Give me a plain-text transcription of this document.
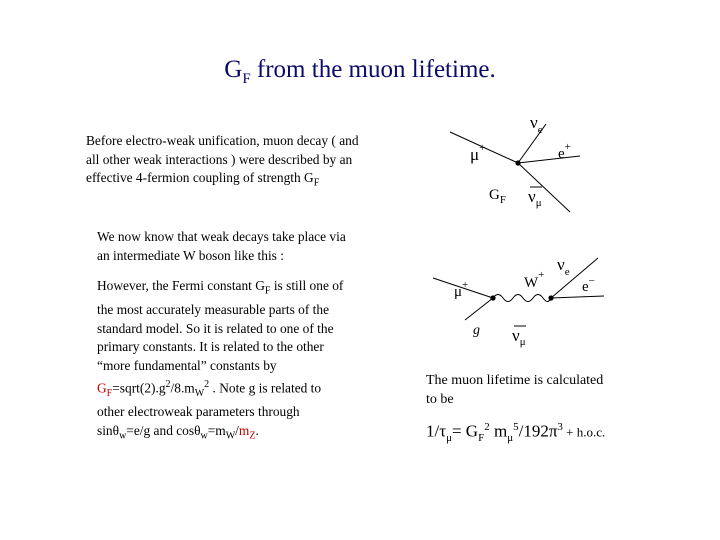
$G_F$ from the muon lifetime.
Before electro-weak unification, muon decay ( and
all other weak interactions ) were described by an
effective 4-fermion coupling of strength $G_F$
We now know that weak decays take place via
an intermediate W boson like this :
However, the Fermi constant $G_F$ is still one of
the most accurately measurable parts of the
standard model. So it is related to one of the
primary constants. It is related to the other
“more fundamental” constants by
$G_F=sqrt(2).g^2/8.m_W^2$ . Note g is related to
other electroweak parameters through
sinθ$_w$=e/g and $\cos\theta_w=m_W/m_Z$.
The muon lifetime is calculated
to be
$1/\tau_\mu= G_F^2$ $m_\mu^5/192\pi^3 + h.o.c$.
$\nu_e$
μ+	e+
$G_F$ $\nu_\mu$
$\nu_e$
μ+	W+
e−
g $\nu_\mu$
